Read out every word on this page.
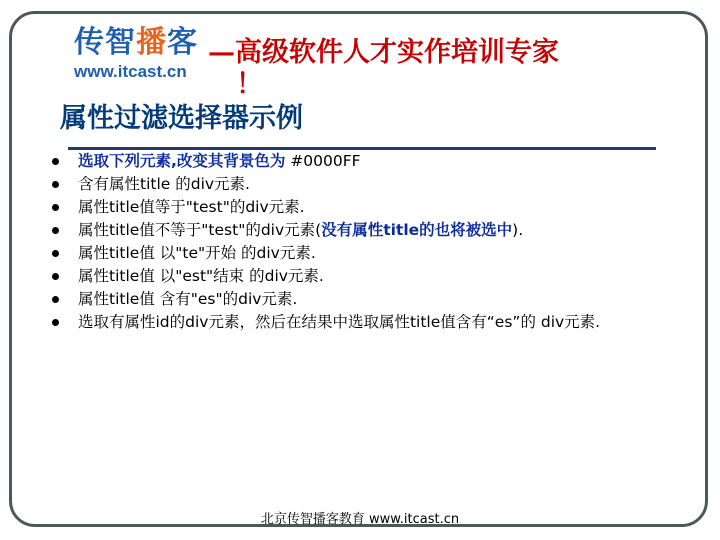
传智播客
www.itcast.cn
—高级软件人才实作培训专家
！
属性过滤选择器示例
选取下列元素,改变其背景色为 #0000FF
含有属性title 的div元素.
属性title值等于"test"的div元素.
属性title值不等于"test"的div元素(没有属性title的也将被选中).
属性title值 以"te"开始 的div元素.
属性title值 以"est"结束 的div元素.
属性title值 含有"es"的div元素.
选取有属性id的div元素，然后在结果中选取属性title值含有“es”的 div元素.
北京传智播客教育 www.itcast.cn
